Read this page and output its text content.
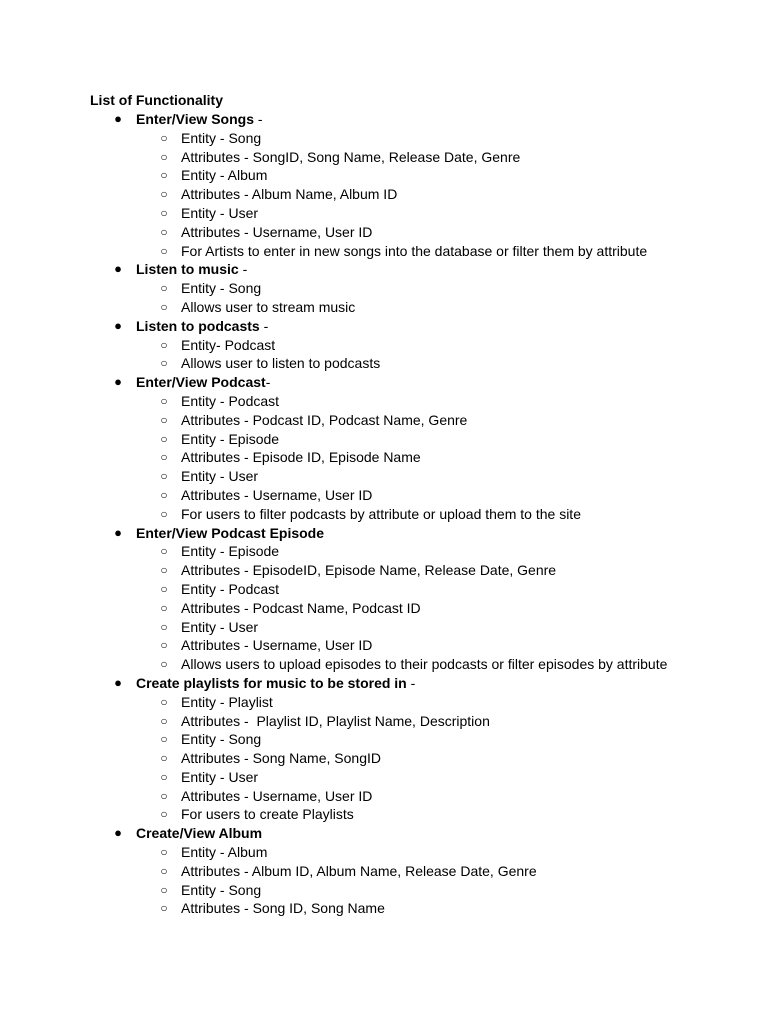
List of Functionality

● Enter/View Songs -
○ Entity - Song
○ Attributes - SongID, Song Name, Release Date, Genre
○ Entity - Album
○ Attributes - Album Name, Album ID
○ Entity - User
○ Attributes - Username, User ID
○ For Artists to enter in new songs into the database or filter them by attribute
● Listen to music -
○ Entity - Song
○ Allows user to stream music
● Listen to podcasts -
○ Entity- Podcast
○ Allows user to listen to podcasts
● Enter/View Podcast-
○ Entity - Podcast
○ Attributes - Podcast ID, Podcast Name, Genre
○ Entity - Episode
○ Attributes - Episode ID, Episode Name
○ Entity - User
○ Attributes - Username, User ID
○ For users to filter podcasts by attribute or upload them to the site
● Enter/View Podcast Episode
○ Entity - Episode
○ Attributes - EpisodeID, Episode Name, Release Date, Genre
○ Entity - Podcast
○ Attributes - Podcast Name, Podcast ID
○ Entity - User
○ Attributes - Username, User ID
○ Allows users to upload episodes to their podcasts or filter episodes by attribute
● Create playlists for music to be stored in -
○ Entity - Playlist
○ Attributes -  Playlist ID, Playlist Name, Description
○ Entity - Song
○ Attributes - Song Name, SongID
○ Entity - User
○ Attributes - Username, User ID
○ For users to create Playlists
● Create/View Album
○ Entity - Album
○ Attributes - Album ID, Album Name, Release Date, Genre
○ Entity - Song
○ Attributes - Song ID, Song Name
